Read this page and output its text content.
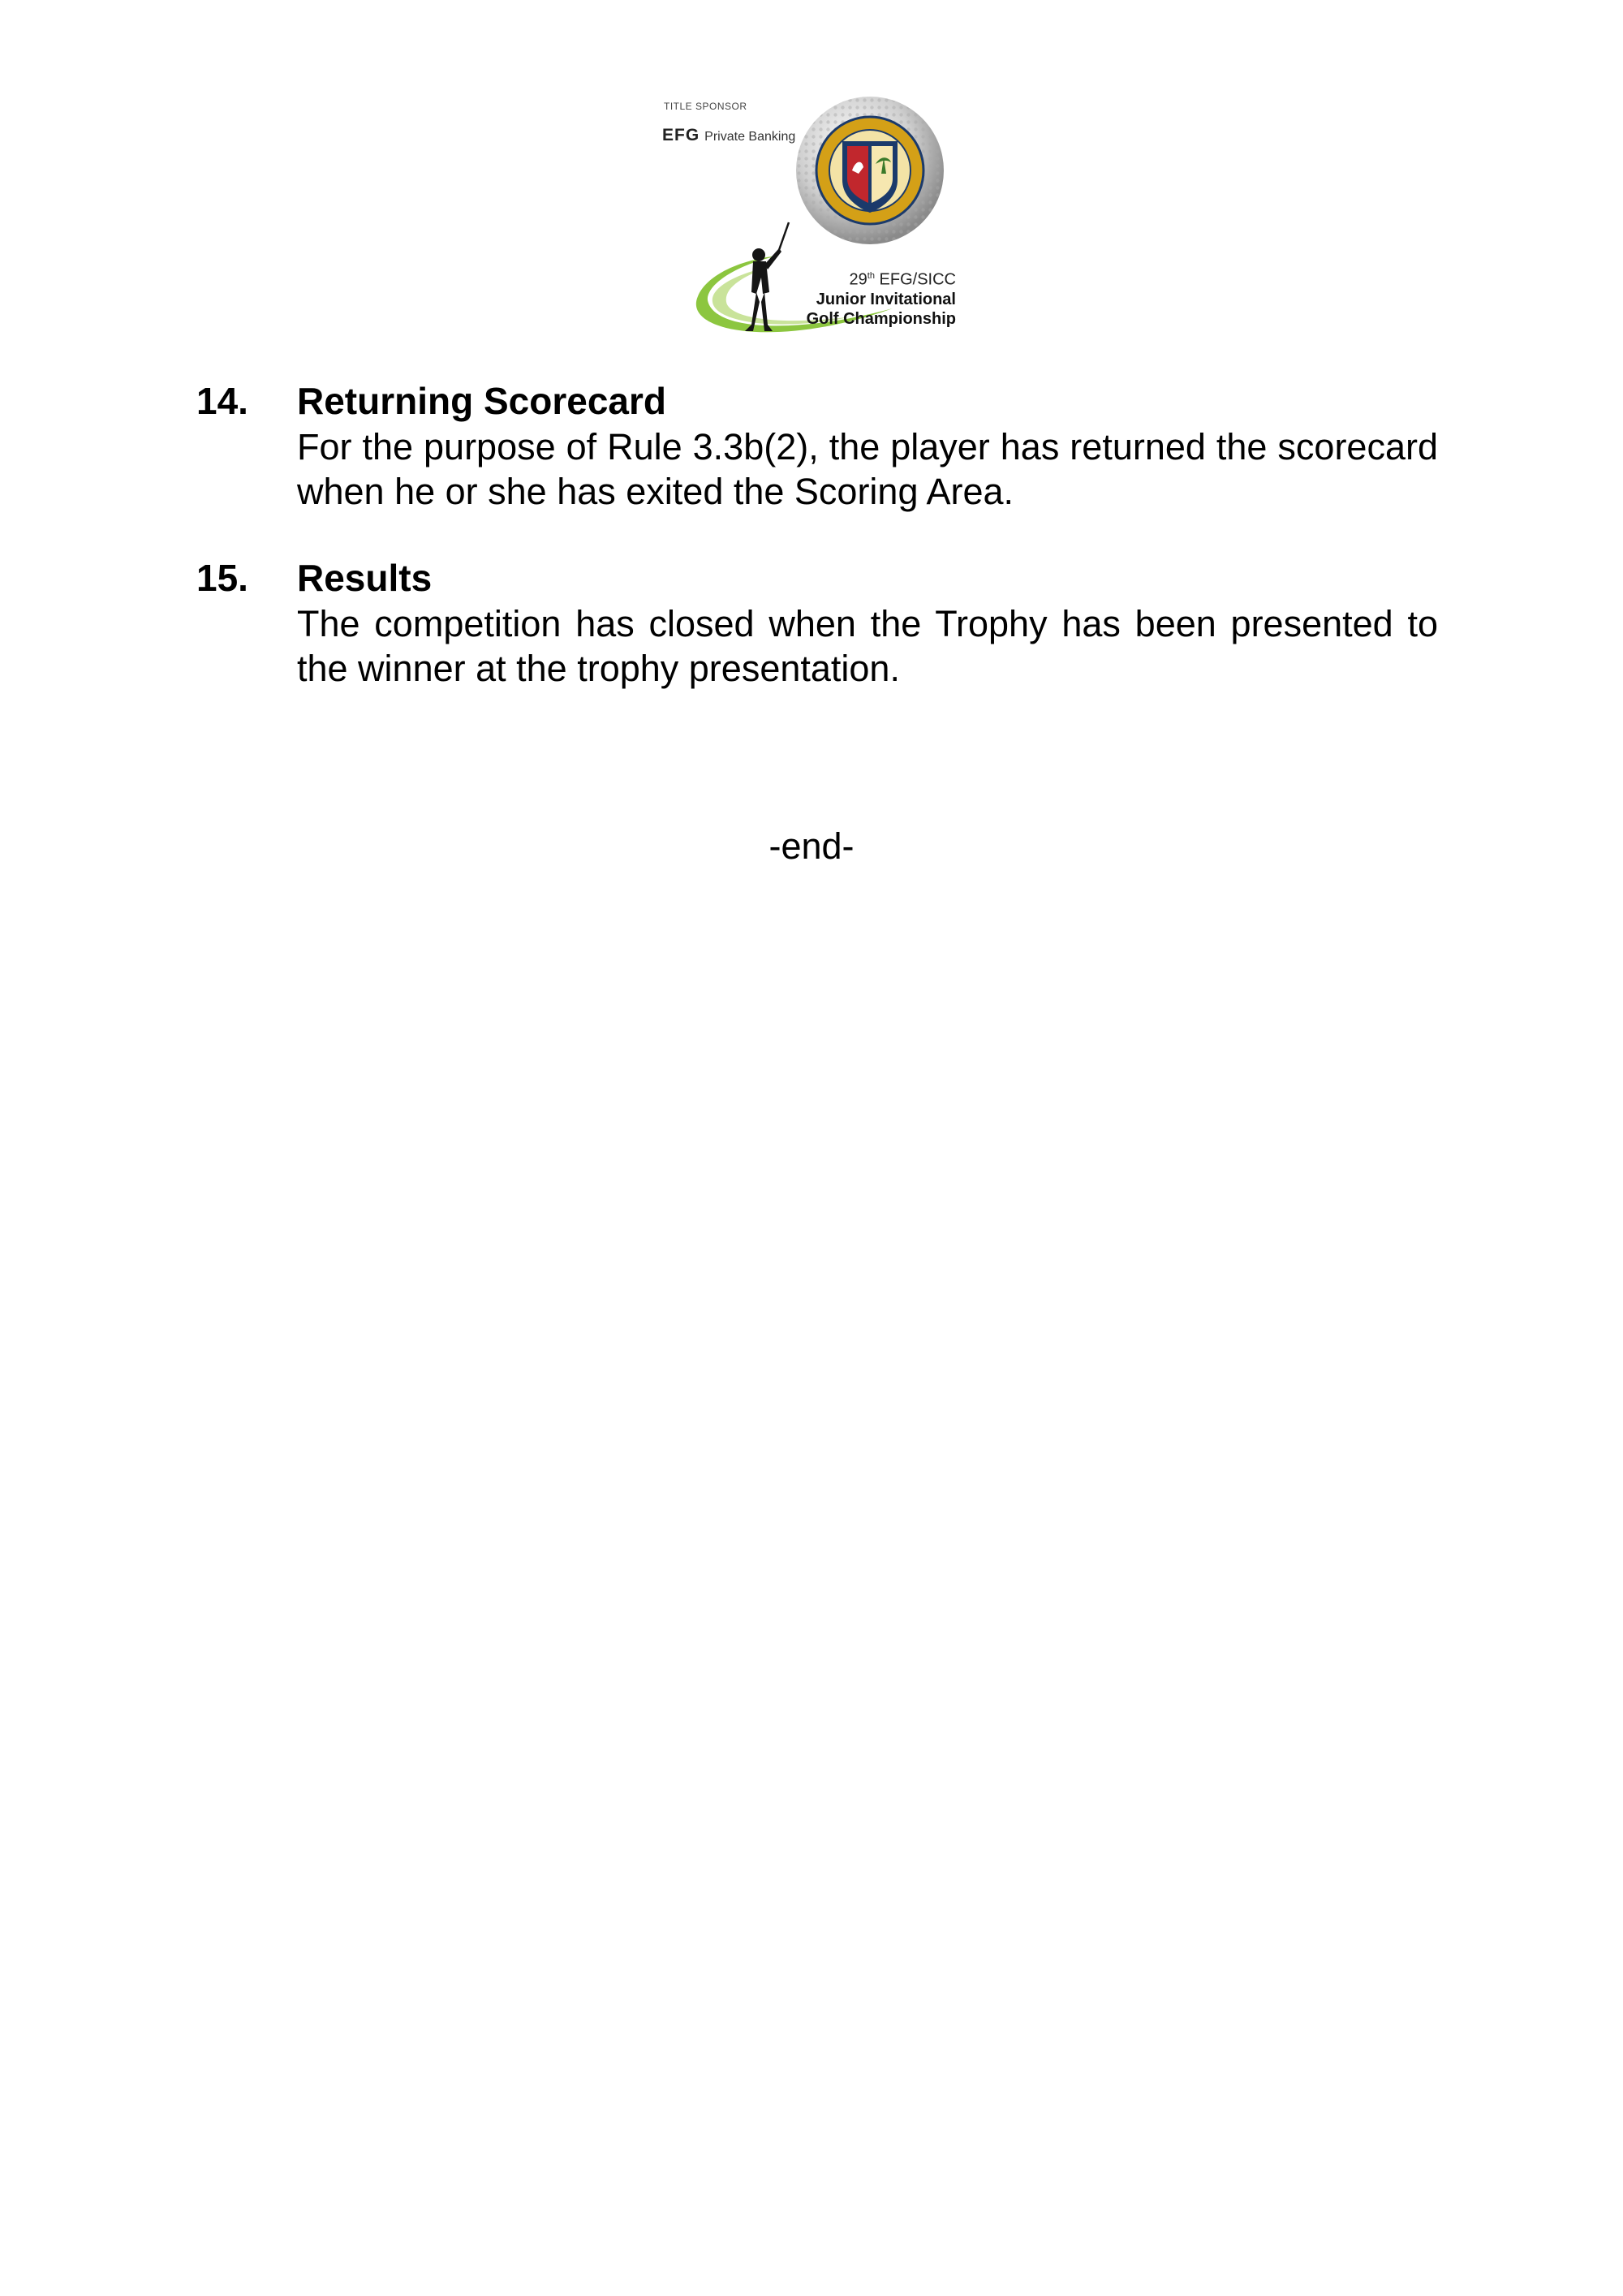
TITLE SPONSOR
EFG Private Banking
29th EFG/SICC
Junior Invitational
Golf Championship
14. Returning Scorecard
For the purpose of Rule 3.3b(2), the player has returned the scorecard when he or she has exited the Scoring Area.
15. Results
The competition has closed when the Trophy has been presented to the winner at the trophy presentation.
-end-
